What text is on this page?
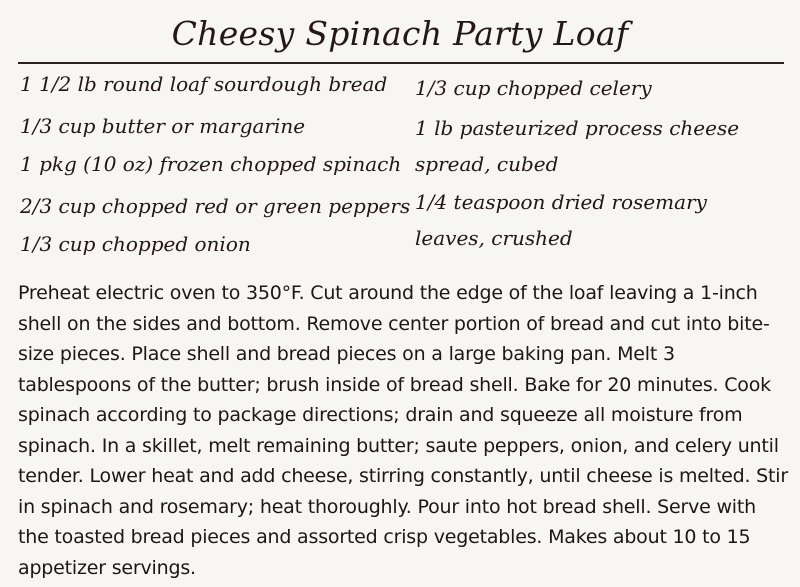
Cheesy Spinach Party Loaf
1 1/2 lb round loaf sourdough bread
1/3 cup butter or margarine
1 pkg (10 oz) frozen chopped spinach
2/3 cup chopped red or green peppers
1/3 cup chopped onion
1/3 cup chopped celery
1 lb pasteurized process cheese spread, cubed
1/4 teaspoon dried rosemary leaves, crushed

Preheat electric oven to 350°F. Cut around the edge of the loaf leaving a 1-inch shell on the sides and bottom. Remove center portion of bread and cut into bite-size pieces. Place shell and bread pieces on a large baking pan. Melt 3 tablespoons of the butter; brush inside of bread shell. Bake for 20 minutes. Cook spinach according to package directions; drain and squeeze all moisture from spinach. In a skillet, melt remaining butter; saute peppers, onion, and celery until tender. Lower heat and add cheese, stirring constantly, until cheese is melted. Stir in spinach and rosemary; heat thoroughly. Pour into hot bread shell. Serve with the toasted bread pieces and assorted crisp vegetables. Makes about 10 to 15 appetizer servings.
